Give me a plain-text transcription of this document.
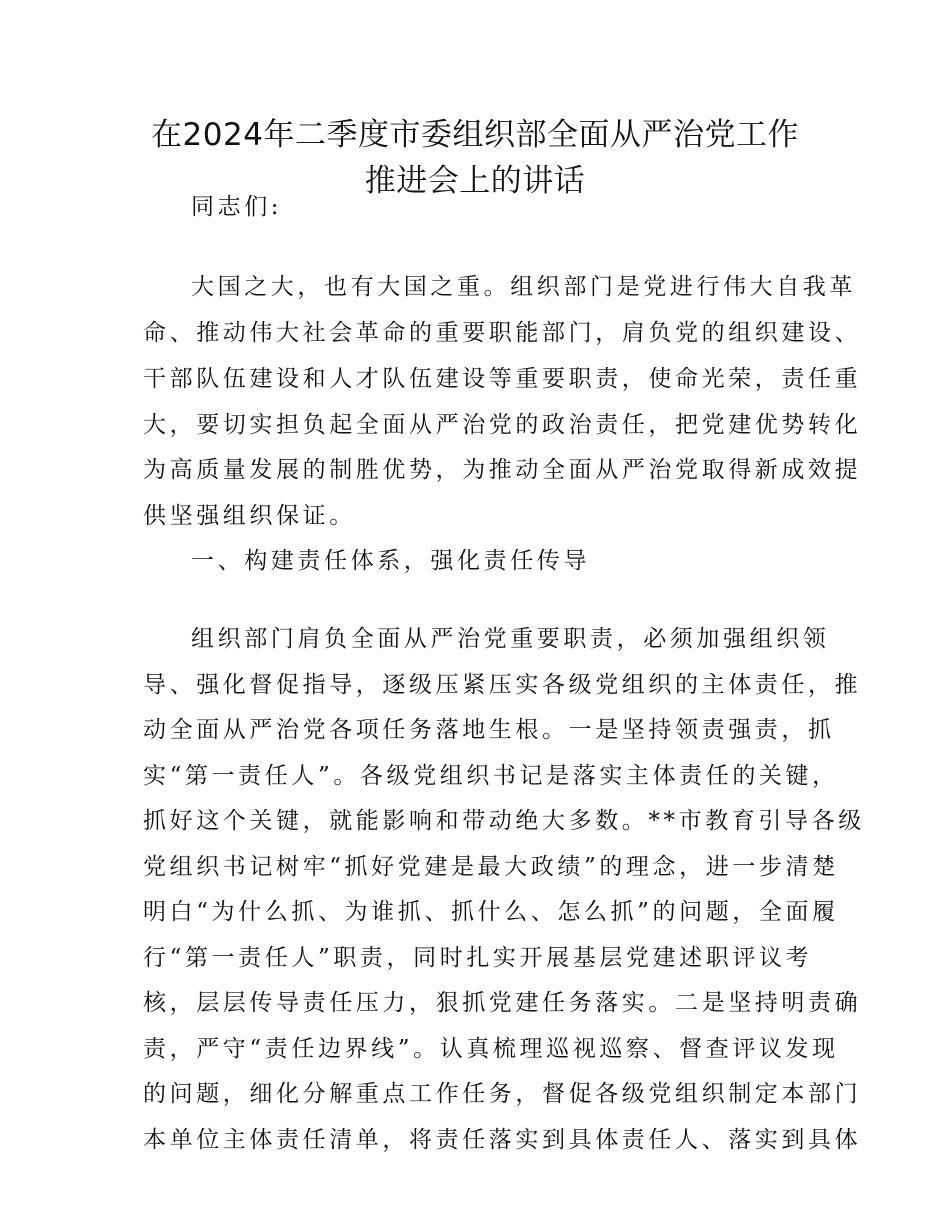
在2024年二季度市委组织部全面从严治党工作
推进会上的讲话
同志们:
大国之大，也有大国之重。组织部门是党进行伟大自我革
命、推动伟大社会革命的重要职能部门，肩负党的组织建设、
干部队伍建设和人才队伍建设等重要职责，使命光荣，责任重
大，要切实担负起全面从严治党的政治责任，把党建优势转化
为高质量发展的制胜优势，为推动全面从严治党取得新成效提
供坚强组织保证。
一、构建责任体系，强化责任传导
组织部门肩负全面从严治党重要职责，必须加强组织领
导、强化督促指导，逐级压紧压实各级党组织的主体责任，推
动全面从严治党各项任务落地生根。一是坚持领责强责，抓
实“第一责任人”。各级党组织书记是落实主体责任的关键，
抓好这个关键，就能影响和带动绝大多数。**市教育引导各级
党组织书记树牢“抓好党建是最大政绩”的理念，进一步清楚
明白“为什么抓、为谁抓、抓什么、怎么抓”的问题，全面履
行“第一责任人”职责，同时扎实开展基层党建述职评议考
核，层层传导责任压力，狠抓党建任务落实。二是坚持明责确
责，严守“责任边界线”。认真梳理巡视巡察、督查评议发现
的问题，细化分解重点工作任务，督促各级党组织制定本部门
本单位主体责任清单，将责任落实到具体责任人、落实到具体
